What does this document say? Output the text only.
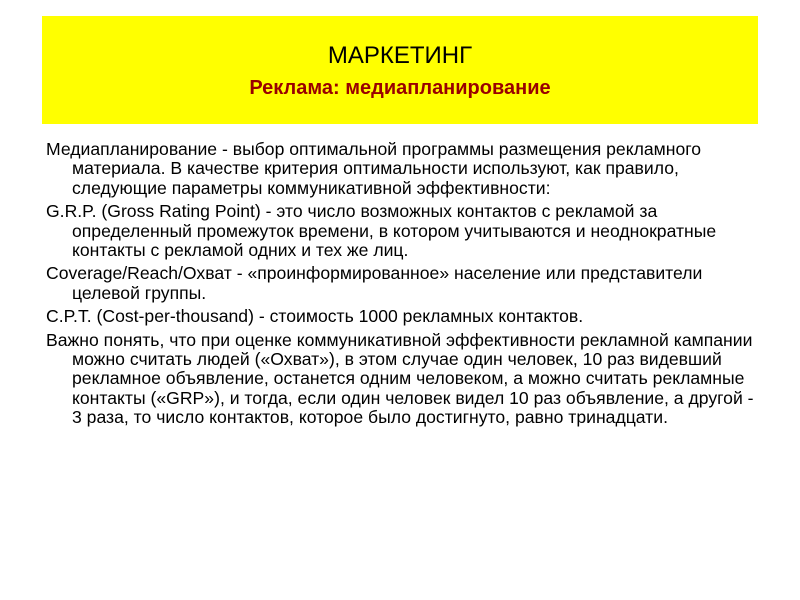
МАРКЕТИНГ
Реклама: медиапланирование

Медиапланирование - выбор оптимальной программы размещения рекламного материала. В качестве критерия оптимальности используют, как правило, следующие параметры коммуникативной эффективности:

G.R.P. (Gross Rating Point) - это число возможных контактов с рекламой за определенный промежуток времени, в котором учитываются и неоднократные контакты с рекламой одних и тех же лиц.

Coverage/Reach/Охват - «проинформированное» население или представители целевой группы.

C.P.T. (Cost-per-thousand) - стоимость 1000 рекламных контактов.

Важно понять, что при оценке коммуникативной эффективности рекламной кампании можно считать людей («Охват»), в этом случае один человек, 10 раз видевший рекламное объявление, останется одним человеком, а можно считать рекламные контакты («GRP»), и тогда, если один человек видел 10 раз объявление, а другой - 3 раза, то число контактов, которое было достигнуто, равно тринадцати.
